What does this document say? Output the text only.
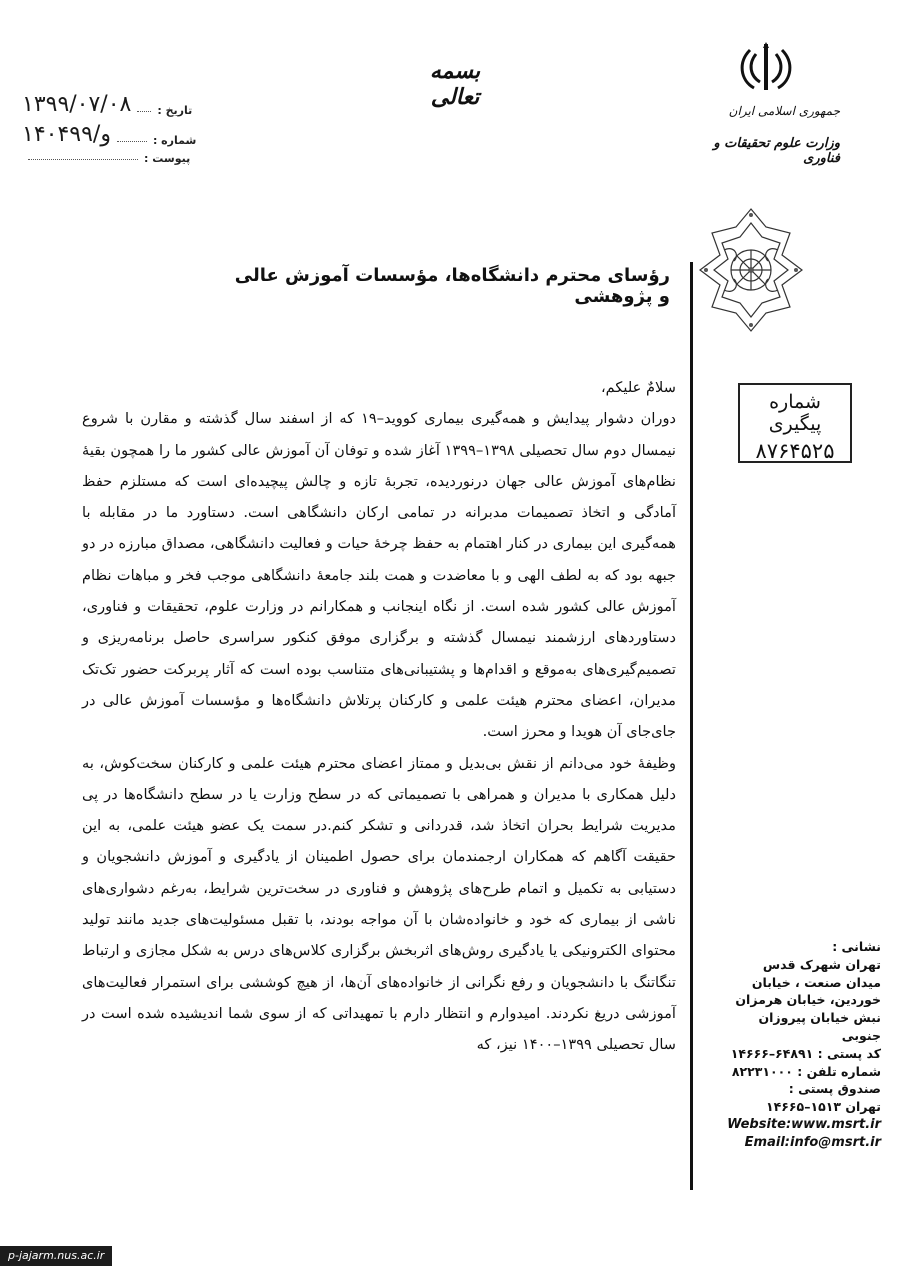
بسمه تعالی
۱۳۹۹/۰۷/۰۸ تاریخ :
۱۴۰۴۹۹/و	شماره :
پیوست :
جمهوری اسلامی ایران
وزارت علوم تحقیقات و فناوری
رؤسای محترم دانشگاه‌ها، مؤسسات آموزش عالی و پژوهشی
شماره پیگیری
۸۷۶۴۵۲۵

سلامٌ علیکم،

دوران دشوار پیدایش و همه‌گیری بیماری کووید–۱۹ که از اسفند سال گذشته و مقارن با شروع نیمسال دوم سال تحصیلی ۱۳۹۸–۱۳۹۹ آغاز شده و توفان آن آموزش عالی کشور ما را همچون بقیهٔ نظام‌های آموزش عالی جهان درنوردیده، تجربهٔ تازه و چالش پیچیده‌ای است که مستلزم حفظ آمادگی و اتخاذ تصمیمات مدبرانه در تمامی ارکان دانشگاهی است. دستاورد ما در مقابله با همه‌گیری این بیماری در کنار اهتمام به حفظ چرخهٔ حیات و فعالیت دانشگاهی، مصداق مبارزه در دو جبهه بود که به لطف الهی و با معاضدت و همت بلند جامعهٔ دانشگاهی موجب فخر و مباهات نظام آموزش عالی کشور شده است. از نگاه اینجانب و همکارانم در وزارت علوم، تحقیقات و فناوری، دستاوردهای ارزشمند نیمسال گذشته و برگزاری موفق کنکور سراسری حاصل برنامه‌ریزی و تصمیم‌گیری‌های به‌موقع و اقدام‌ها و پشتیبانی‌های متناسب بوده است که آثار پربرکت حضور تک‌تک مدیران، اعضای محترم هیئت علمی و کارکنان پرتلاش دانشگاه‌ها و مؤسسات آموزش عالی در جای‌جای آن هویدا و محرز است.

وظیفهٔ خود می‌دانم از نقش بی‌بدیل و ممتاز اعضای محترم هیئت علمی و کارکنان سخت‌کوش، به دلیل همکاری با مدیران و همراهی با تصمیماتی که در سطح وزارت یا در سطح دانشگاه‌ها در پی مدیریت شرایط بحران اتخاذ شد، قدردانی و تشکر کنم.در سمت یک عضو هیئت علمی، به این حقیقت آگاهم که همکاران ارجمندمان برای حصول اطمینان از یادگیری و آموزش دانشجویان و دستیابی به تکمیل و اتمام طرح‌های پژوهش و فناوری در سخت‌ترین شرایط، به‌رغم دشواری‌های ناشی از بیماری که خود و خانواده‌شان با آن مواجه بودند، با تقبل مسئولیت‌های جدید مانند تولید محتوای الکترونیکی یا یادگیری روش‌های اثربخش برگزاری کلاس‌های درس به شکل مجازی و ارتباط تنگاتنگ با دانشجویان و رفع نگرانی از خانواده‌های آن‌ها، از هیچ کوششی برای استمرار فعالیت‌های آموزشی دریغ نکردند. امیدوارم و انتظار دارم با تمهیداتی که از سوی شما اندیشیده شده است در سال تحصیلی ۱۳۹۹–۱۴۰۰ نیز، که

نشانی :
تهران شهرک قدس
میدان صنعت ، خیابان
خوردین، خیابان هرمزان
نبش خیابان پیروزان جنوبی
کد پستی : ۶۴۸۹۱–۱۴۶۶۶
شماره تلفن : ۸۲۲۳۱۰۰۰
صندوق پستی :
تهران ۱۵۱۳–۱۴۶۶۵
Website:www.msrt.ir
Email:info@msrt.ir
p-jajarm.nus.ac.ir
